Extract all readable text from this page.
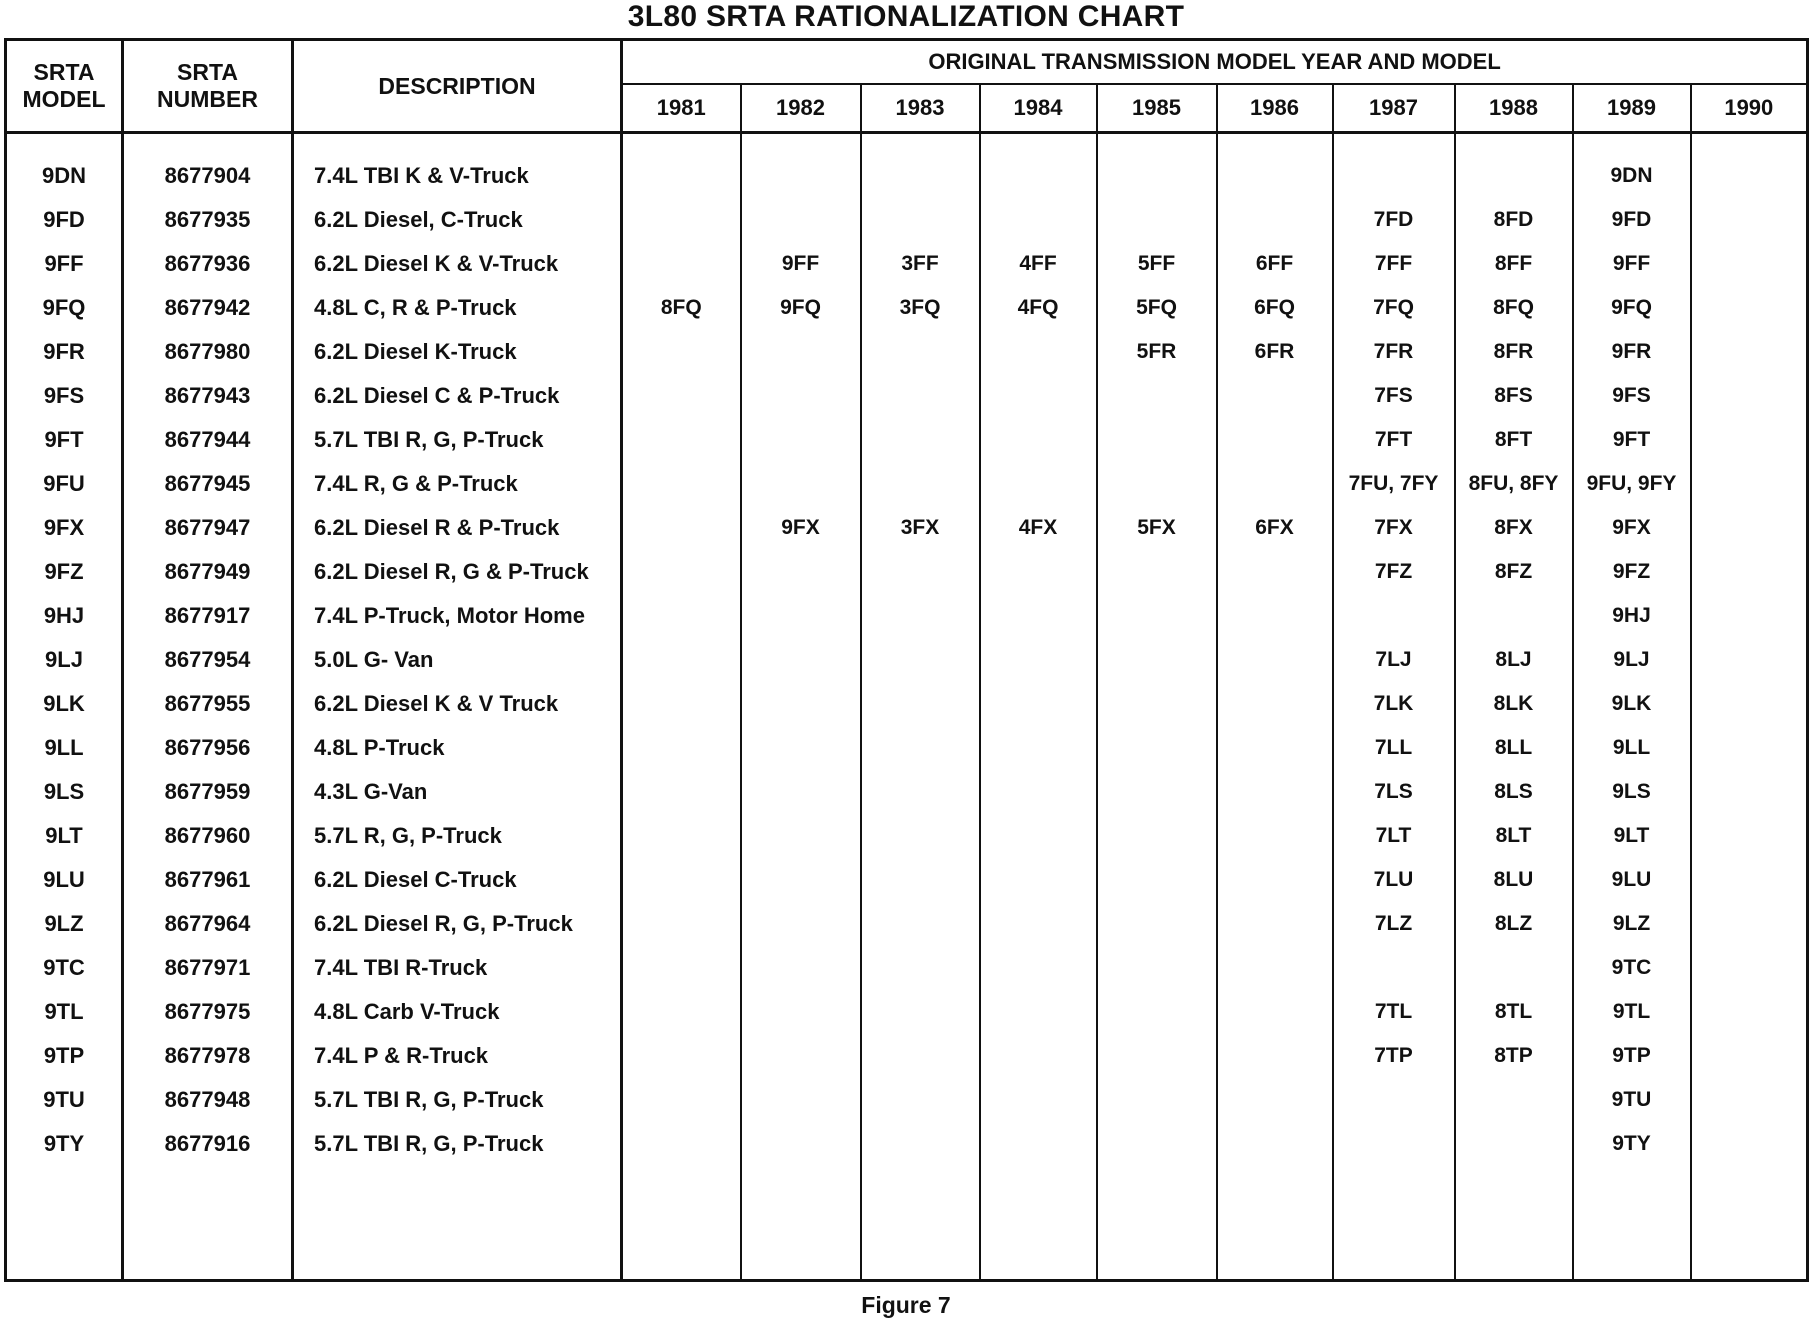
3L80 SRTA RATIONALIZATION CHART
SRTA
MODEL	SRTA
NUMBER	DESCRIPTION	ORIGINAL TRANSMISSION MODEL YEAR AND MODEL									
			1981	1982	1983	1984	1985	1986	1987	1988	1989	1990

9DN	8677904	7.4L TBI K & V-Truck									9DN	
9FD	8677935	6.2L Diesel, C-Truck							7FD	8FD	9FD	
9FF	8677936	6.2L Diesel K & V-Truck		9FF	3FF	4FF	5FF	6FF	7FF	8FF	9FF	
9FQ	8677942	4.8L C, R & P-Truck	8FQ	9FQ	3FQ	4FQ	5FQ	6FQ	7FQ	8FQ	9FQ	
9FR	8677980	6.2L Diesel K-Truck					5FR	6FR	7FR	8FR	9FR	
9FS	8677943	6.2L Diesel C & P-Truck							7FS	8FS	9FS	
9FT	8677944	5.7L TBI R, G, P-Truck							7FT	8FT	9FT	
9FU	8677945	7.4L R, G & P-Truck							7FU, 7FY	8FU, 8FY	9FU, 9FY	
9FX	8677947	6.2L Diesel R & P-Truck		9FX	3FX	4FX	5FX	6FX	7FX	8FX	9FX	
9FZ	8677949	6.2L Diesel R, G & P-Truck							7FZ	8FZ	9FZ	
9HJ	8677917	7.4L P-Truck, Motor Home									9HJ	
9LJ	8677954	5.0L G- Van							7LJ	8LJ	9LJ	
9LK	8677955	6.2L Diesel K & V Truck							7LK	8LK	9LK	
9LL	8677956	4.8L P-Truck							7LL	8LL	9LL	
9LS	8677959	4.3L G-Van							7LS	8LS	9LS	
9LT	8677960	5.7L R, G, P-Truck							7LT	8LT	9LT	
9LU	8677961	6.2L Diesel C-Truck							7LU	8LU	9LU	
9LZ	8677964	6.2L Diesel R, G, P-Truck							7LZ	8LZ	9LZ	
9TC	8677971	7.4L TBI R-Truck									9TC	
9TL	8677975	4.8L Carb V-Truck							7TL	8TL	9TL	
9TP	8677978	7.4L P & R-Truck							7TP	8TP	9TP	
9TU	8677948	5.7L TBI R, G, P-Truck									9TU	
9TY	8677916	5.7L TBI R, G, P-Truck									9TY	

Figure 7
